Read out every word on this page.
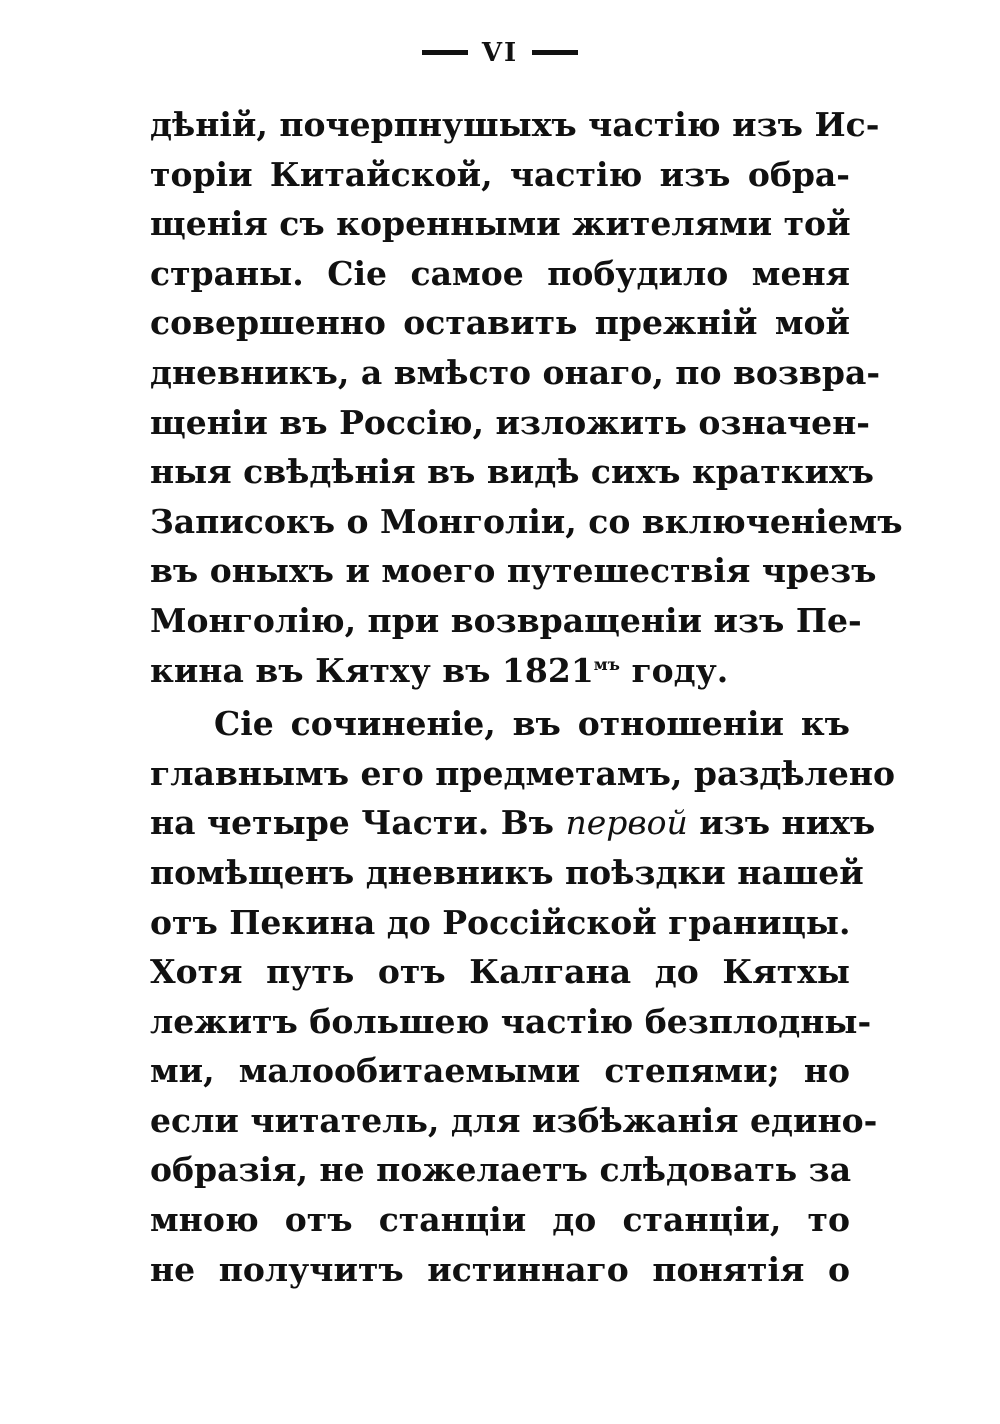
VI
дѣній, почерпнушыхъ частію изъ Ис-
торіи Китайской, частію изъ обра-
щенія съ коренными жителями той
страны. Сіе самое побудило меня
совершенно оставить прежній мой
дневникъ, а вмѣсто онаго, по возвра-
щеніи въ Россію, изложить означен-
ныя свѣдѣнія въ видѣ сихъ краткихъ
Записокъ о Монголіи, со включеніемъ
въ оныхъ и моего путешествія чрезъ
Монголію, при возвращеніи изъ Пе-
кина въ Кятху въ $1821^{мъ}$ году.
Сіе сочиненіе, въ отношеніи къ
главнымъ его предметамъ, раздѣлено
на четыре Части. Въ первой изъ нихъ
помѣщенъ дневникъ поѣздки нашей
отъ Пекина до Россійской границы.
Хотя путь отъ Калгана до Кятхы
лежитъ большею частію безплодны-
ми, малообитаемыми степями; но
если читатель, для избѣжанія едино-
образія, не пожелаетъ слѣдовать за
мною отъ станціи до станціи, то
не получитъ истиннаго понятія о
